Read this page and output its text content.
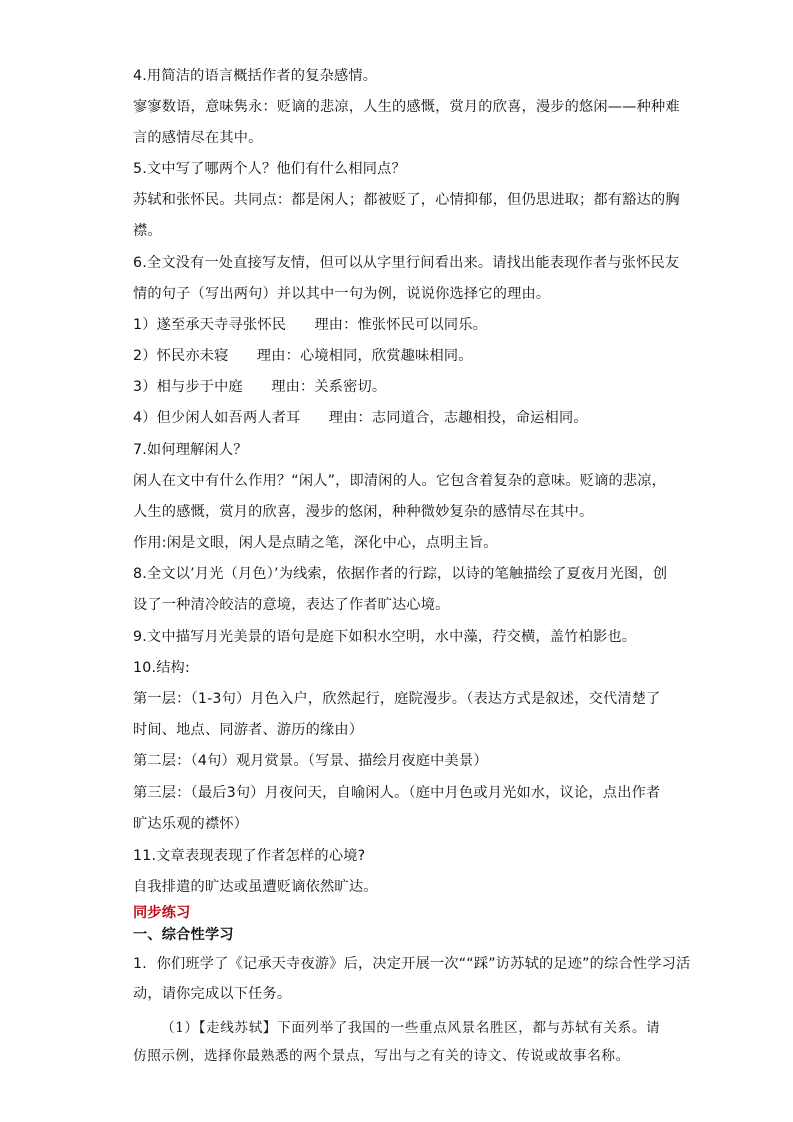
4.用简洁的语言概括作者的复杂感情。
寥寥数语，意味隽永：贬谪的悲凉，人生的感慨，赏月的欣喜，漫步的悠闲——种种难
言的感情尽在其中。
5.文中写了哪两个人？他们有什么相同点？
苏轼和张怀民。共同点：都是闲人；都被贬了，心情抑郁，但仍思进取；都有豁达的胸
襟。
6.全文没有一处直接写友情，但可以从字里行间看出来。请找出能表现作者与张怀民友
情的句子（写出两句）并以其中一句为例，说说你选择它的理由。
1）遂至承天寺寻张怀民      理由：惟张怀民可以同乐。
2）怀民亦未寝      理由：心境相同，欣赏趣味相同。
3）相与步于中庭      理由：关系密切。
4）但少闲人如吾两人者耳      理由：志同道合，志趣相投，命运相同。
7.如何理解闲人？
闲人在文中有什么作用？“闲人”，即清闲的人。它包含着复杂的意味。贬谪的悲凉，
人生的感慨，赏月的欣喜，漫步的悠闲，种种微妙复杂的感情尽在其中。
作用:闲是文眼，闲人是点睛之笔，深化中心，点明主旨。
8.全文以’月光（月色）’为线索，依据作者的行踪，以诗的笔触描绘了夏夜月光图，创
设了一种清冷皎洁的意境，表达了作者旷达心境。
9.文中描写月光美景的语句是庭下如积水空明，水中藻，荇交横，盖竹柏影也。
10.结构:
第一层：（1-3句）月色入户，欣然起行，庭院漫步。（表达方式是叙述，交代清楚了
时间、地点、同游者、游历的缘由）
第二层：（4句）观月赏景。（写景、描绘月夜庭中美景）
第三层：（最后3句）月夜问天，自喻闲人。（庭中月色或月光如水，议论，点出作者
旷达乐观的襟怀）
11.文章表现表现了作者怎样的心境?
自我排遣的旷达或虽遭贬谪依然旷达。
同步练习
一、综合性学习
1．你们班学了《记承天寺夜游》后，决定开展一次““踩”访苏轼的足迹”的综合性学习活
动，请你完成以下任务。
（1）【走线苏轼】下面列举了我国的一些重点风景名胜区，都与苏轼有关系。请
仿照示例，选择你最熟悉的两个景点，写出与之有关的诗文、传说或故事名称。
